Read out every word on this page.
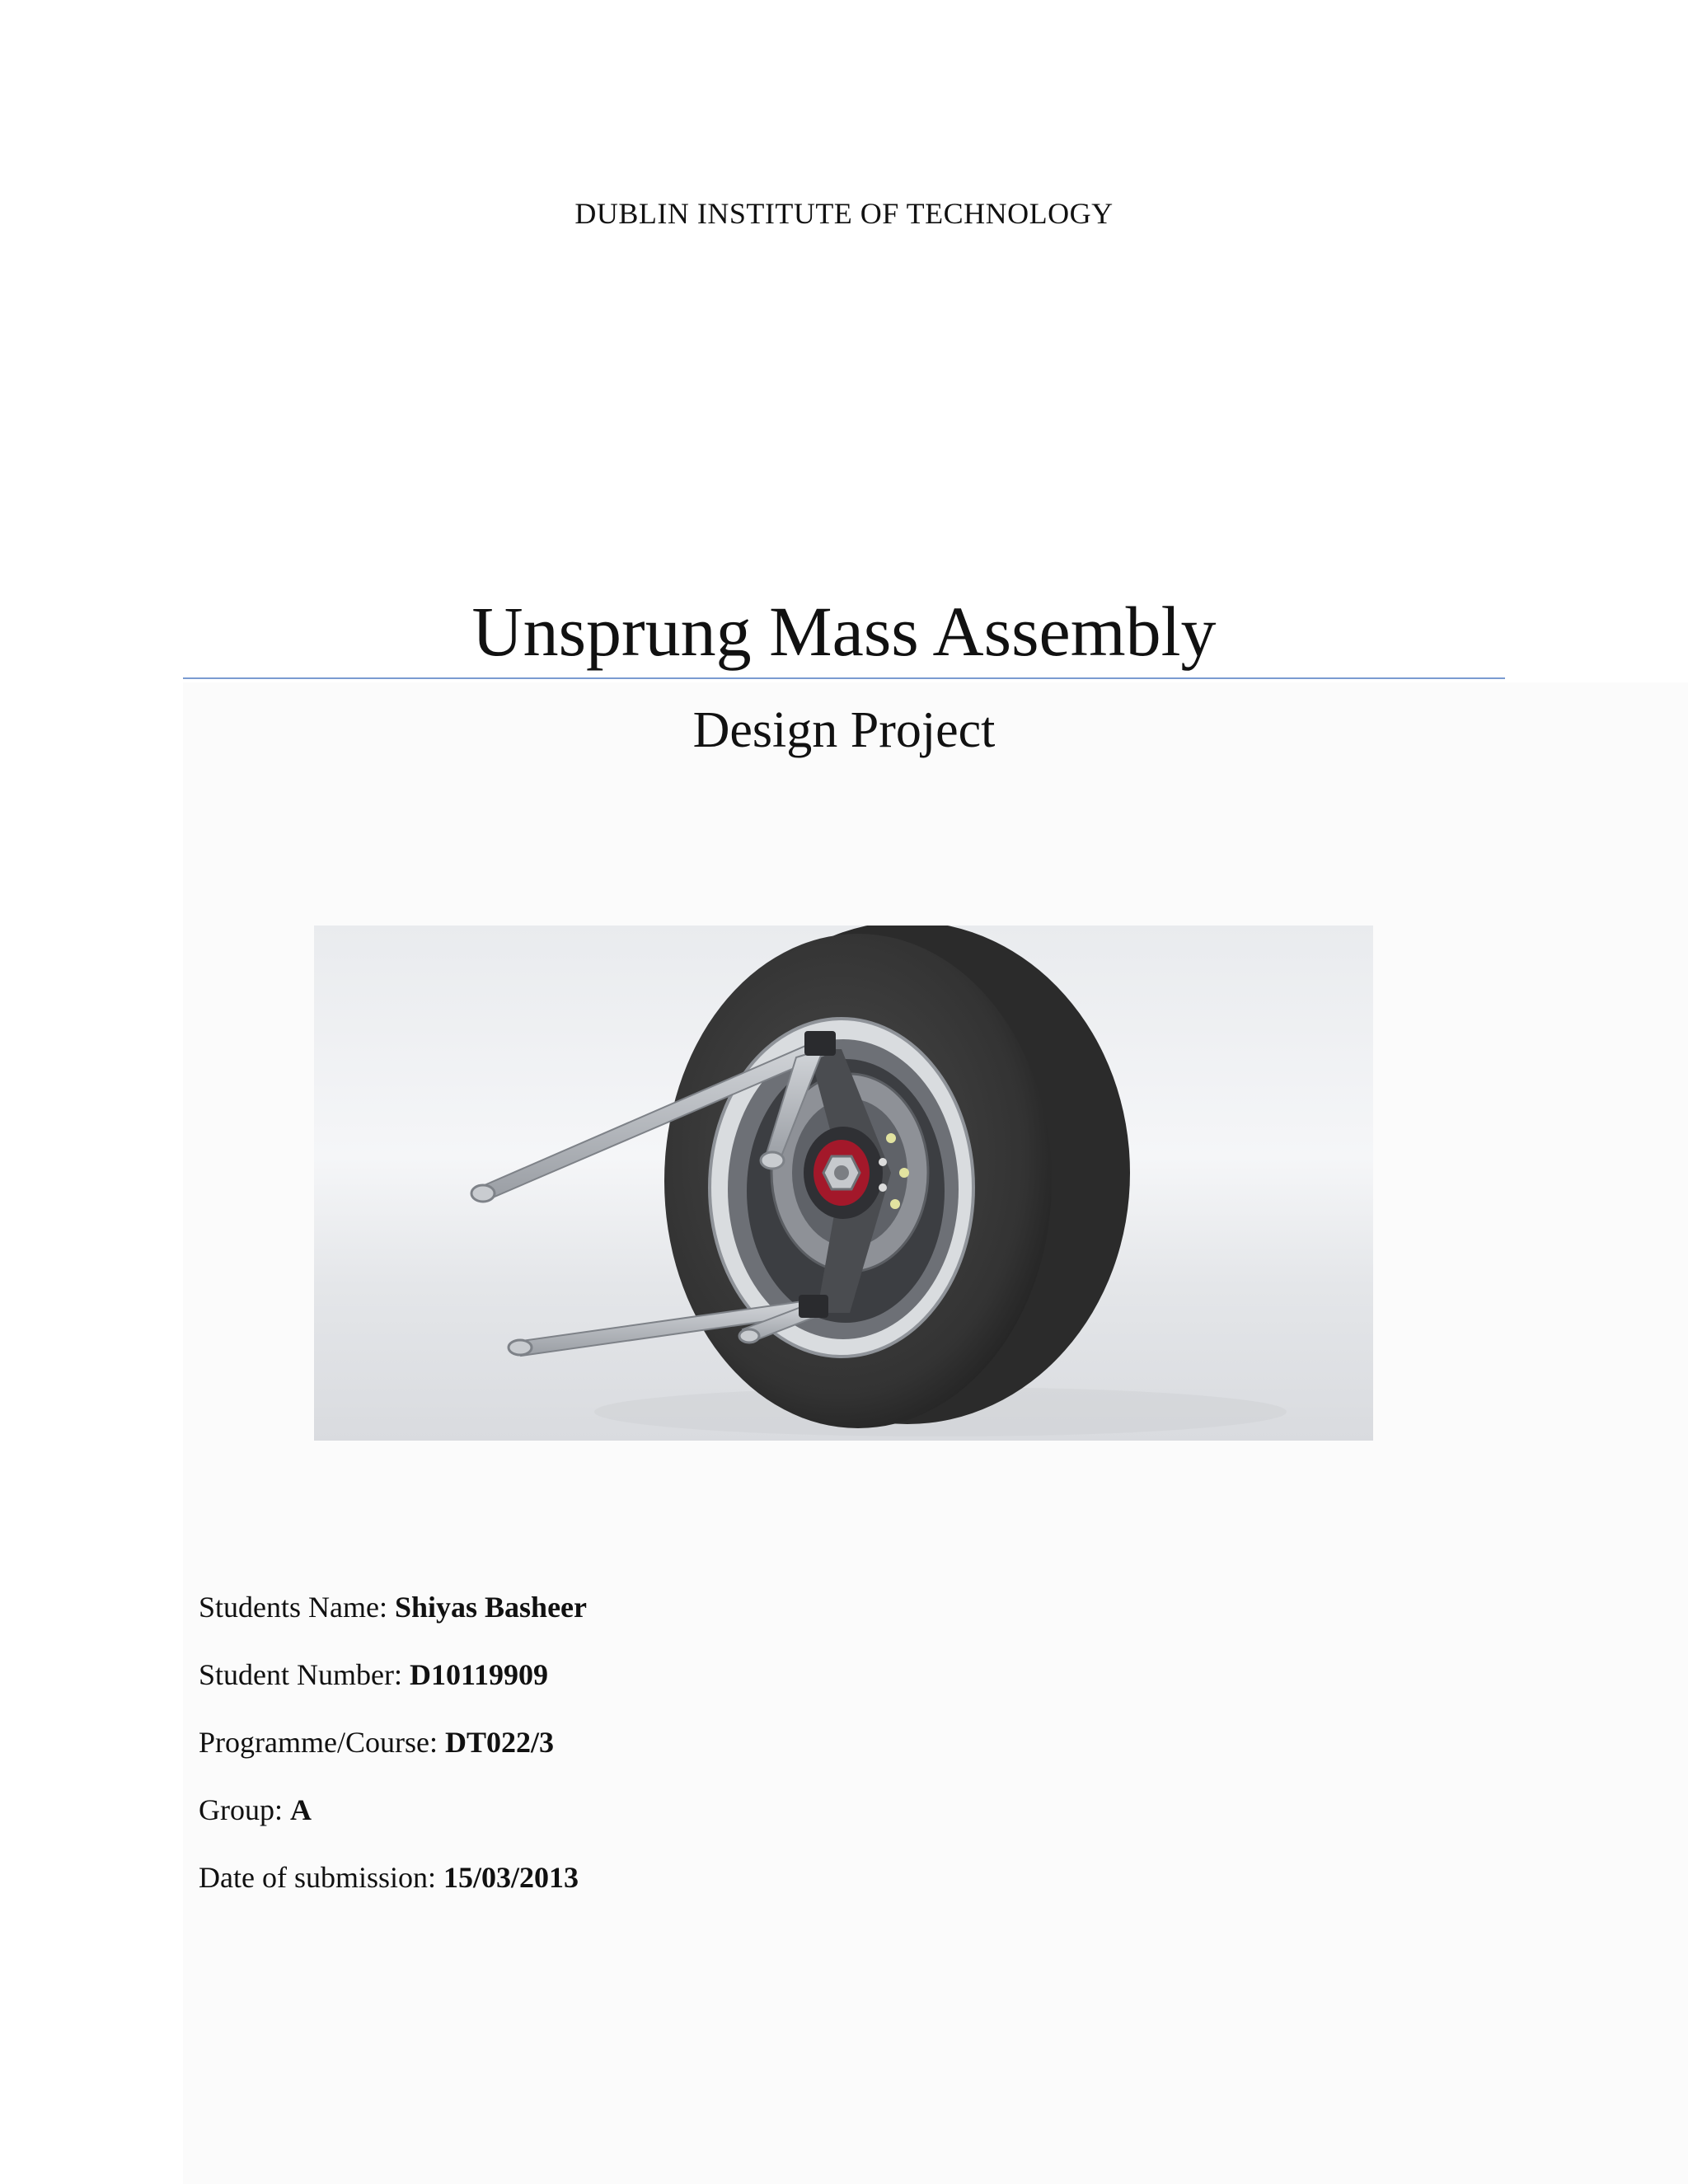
DUBLIN INSTITUTE OF TECHNOLOGY
Unsprung Mass Assembly
Design Project
Students Name: Shiyas Basheer
Student Number: D10119909
Programme/Course: DT022/3
Group: A
Date of submission: 15/03/2013
